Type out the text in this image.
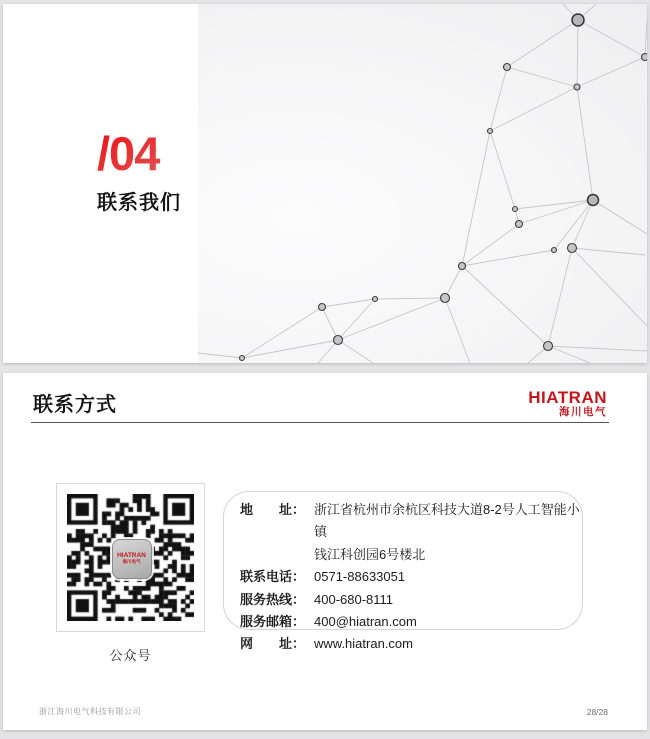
/04
联系我们
联系方式	HIATRAN
海川电气
HIATRAN
海川电气
公众号
地　　址： 浙江省杭州市余杭区科技大道8-2号人工智能小镇
钱江科创园6号楼北
联系电话： 0571-88633051
服务热线： 400-680-8111
服务邮箱： 400@hiatran.com
网　　址： www.hiatran.com
浙江海川电气科技有限公司	28/28
